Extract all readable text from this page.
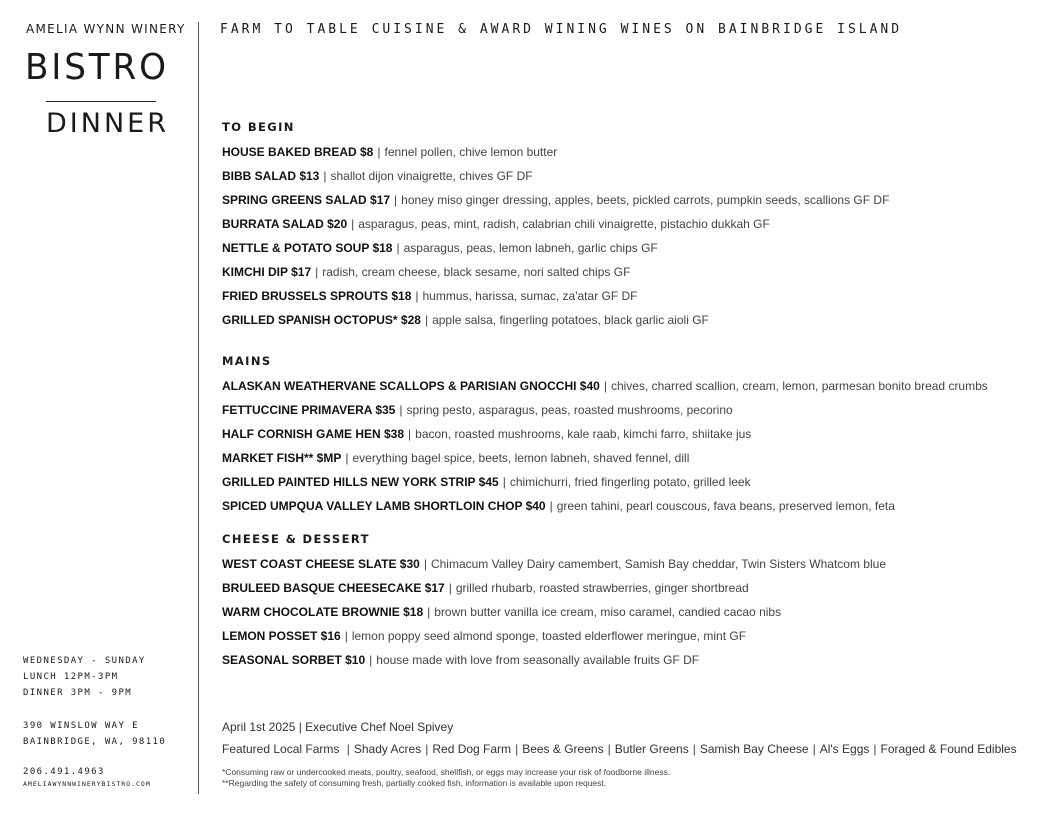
AMELIA WYNN WINERY
BISTRO
DINNER
WEDNESDAY - SUNDAY
LUNCH 12PM-3PM
DINNER 3PM - 9PM
390 WINSLOW WAY E
BAINBRIDGE, WA, 98110
206.491.4963
AMELIAWYNNWINERYBISTRO.COM
FARM TO TABLE CUISINE & AWARD WINING WINES ON BAINBRIDGE ISLAND
TO BEGIN
HOUSE BAKED BREAD $8 | fennel pollen, chive lemon butter
BIBB SALAD $13 | shallot dijon vinaigrette, chives GF DF
SPRING GREENS SALAD $17 | honey miso ginger dressing, apples, beets, pickled carrots, pumpkin seeds, scallions GF DF
BURRATA SALAD $20 | asparagus, peas, mint, radish, calabrian chili vinaigrette, pistachio dukkah GF
NETTLE & POTATO SOUP $18 | asparagus, peas, lemon labneh, garlic chips GF
KIMCHI DIP $17 | radish, cream cheese, black sesame, nori salted chips GF
FRIED BRUSSELS SPROUTS $18 | hummus, harissa, sumac, za'atar GF DF
GRILLED SPANISH OCTOPUS* $28 | apple salsa, fingerling potatoes, black garlic aioli GF
MAINS
ALASKAN WEATHERVANE SCALLOPS & PARISIAN GNOCCHI $40 | chives, charred scallion, cream, lemon, parmesan bonito bread crumbs
FETTUCCINE PRIMAVERA $35 | spring pesto, asparagus, peas, roasted mushrooms, pecorino
HALF CORNISH GAME HEN $38 | bacon, roasted mushrooms, kale raab, kimchi farro, shiitake jus
MARKET FISH** $MP | everything bagel spice, beets, lemon labneh, shaved fennel, dill
GRILLED PAINTED HILLS NEW YORK STRIP $45 | chimichurri, fried fingerling potato, grilled leek
SPICED UMPQUA VALLEY LAMB SHORTLOIN CHOP $40 | green tahini, pearl couscous, fava beans, preserved lemon, feta
CHEESE & DESSERT
WEST COAST CHEESE SLATE $30 | Chimacum Valley Dairy camembert, Samish Bay cheddar, Twin Sisters Whatcom blue
BRULEED BASQUE CHEESECAKE $17 | grilled rhubarb, roasted strawberries, ginger shortbread
WARM CHOCOLATE BROWNIE $18 | brown butter vanilla ice cream, miso caramel, candied cacao nibs
LEMON POSSET $16 | lemon poppy seed almond sponge, toasted elderflower meringue, mint GF
SEASONAL SORBET $10 | house made with love from seasonally available fruits GF DF
April 1st 2025 | Executive Chef Noel Spivey
Featured Local Farms | Shady Acres | Red Dog Farm | Bees & Greens | Butler Greens | Samish Bay Cheese | Al's Eggs | Foraged & Found Edibles
*Consuming raw or undercooked meats, poultry, seafood, shellfish, or eggs may increase your risk of foodborne illness.
**Regarding the safety of consuming fresh, partially cooked fish, information is available upon request.
